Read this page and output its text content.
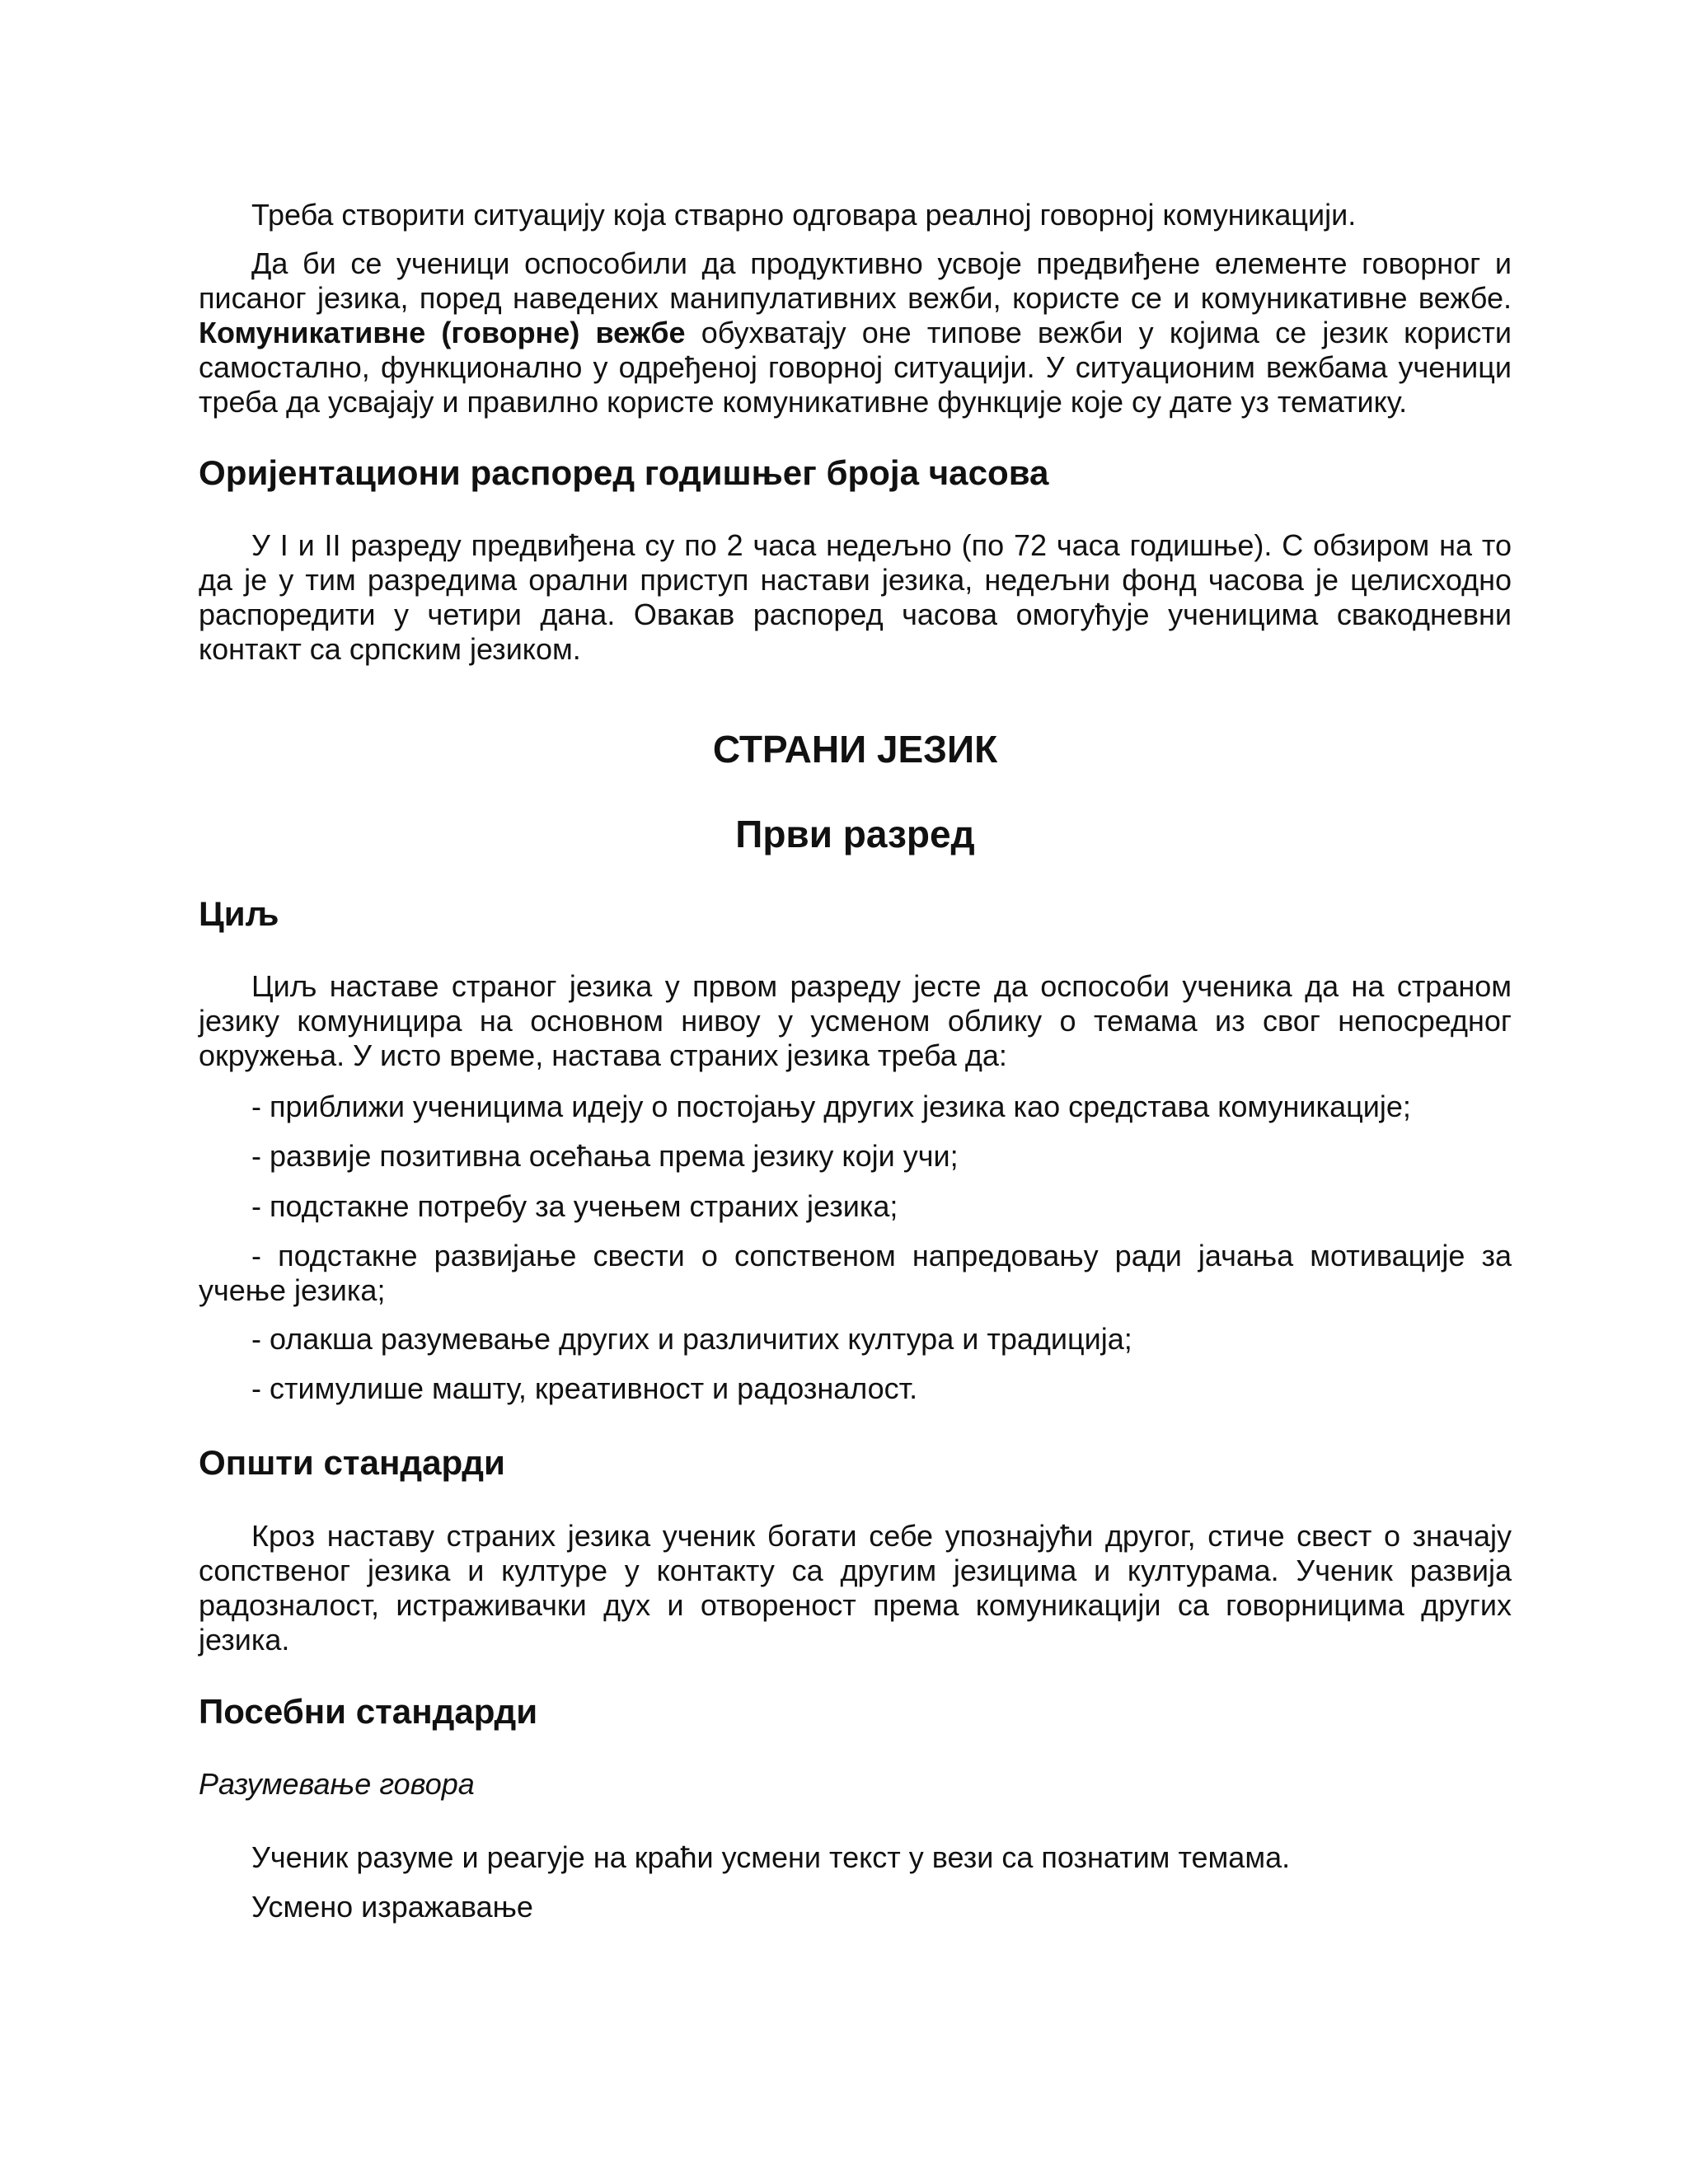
Треба створити ситуацију која стварно одговара реалној говорној комуникацији.

Да би се ученици оспособили да продуктивно усвоје предвиђене елементе говорног и писаног језика, поред наведених манипулативних вежби, користе се и комуникативне вежбе. Комуникативне (говорне) вежбе обухватају оне типове вежби у којима се језик користи самостално, функционално у одређеној говорној ситуацији. У ситуационим вежбама ученици треба да усвајају и правилно користе комуникативне функције које су дате уз тематику.

Оријентациони распоред годишњег броја часова

У I и II разреду предвиђена су по 2 часа недељно (по 72 часа годишње). С обзиром на то да је у тим разредима орални приступ настави језика, недељни фонд часова је целисходно распоредити у четири дана. Овакав распоред часова омогућује ученицима свакодневни контакт са српским језиком.

СТРАНИ ЈЕЗИК
Први разред
Циљ

Циљ наставе страног језика у првом разреду јесте да оспособи ученика да на страном језику комуницира на основном нивоу у усменом облику о темама из свог непосредног окружења. У исто време, настава страних језика треба да:

- приближи ученицима идеју о постојању других језика као средстава комуникације;

- развије позитивна осећања према језику који учи;

- подстакне потребу за учењем страних језика;

- подстакне развијање свести о сопственом напредовању ради јачања мотивације за учење језика;

- олакша разумевање других и различитих култура и традиција;

- стимулише машту, креативност и радозналост.

Општи стандарди

Кроз наставу страних језика ученик богати себе упознајући другог, стиче свест о значају сопственог језика и културе у контакту са другим језицима и културама. Ученик развија радозналост, истраживачки дух и отвореност према комуникацији са говорницима других језика.

Посебни стандарди

Разумевање говора

Ученик разуме и реагује на краћи усмени текст у вези са познатим темама.

Усмено изражавање
